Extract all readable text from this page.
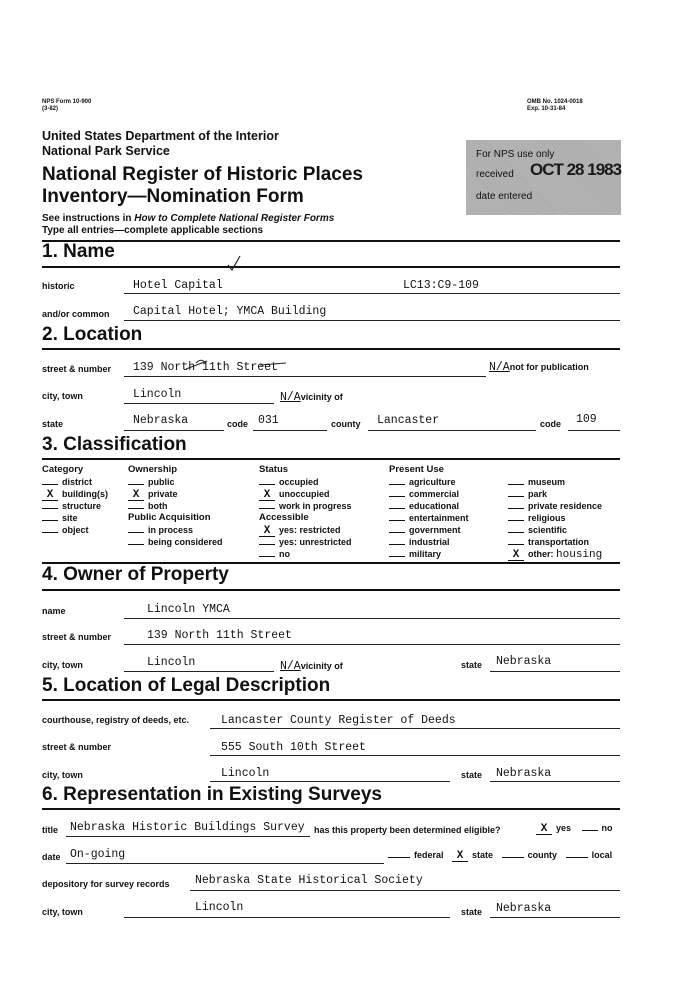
NPS Form 10-900
(3-82)
OMB No. 1024-0018
Exp. 10-31-84
United States Department of the Interior
National Park Service
National Register of Historic Places
Inventory—Nomination Form
See instructions in How to Complete National Register Forms
Type all entries—complete applicable sections
For NPS use only
received OCT 28 1983
date entered
1. Name
historic	Hotel Capital	LC13:C9-109
and/or common Capital Hotel; YMCA Building
2. Location
street & number 139 North 11th Street	N/Anot for publication
city, town	Lincoln	N/Avicinity of
state	Nebraska	code 031	county Lancaster	code 109
3. Classification
Category
district
X building(s)
structure
site
object
Ownership
public
X private
both
Public Acquisition
in process
being considered
Status
occupied
X unoccupied
work in progress
Accessible
X yes: restricted
yes: unrestricted
no
Present Use
agriculture
commercial
educational
entertainment
government
industrial
military
museum
park
private residence
religious
scientific
transportation
X other: housing
4. Owner of Property
name	Lincoln YMCA
street & number	139 North 11th Street
city, town	Lincoln	N/Avicinity of	state Nebraska
5. Location of Legal Description
courthouse, registry of deeds, etc.	Lancaster County Register of Deeds
street & number	555 South 10th Street
city, town	Lincoln	state Nebraska
6. Representation in Existing Surveys
title Nebraska Historic Buildings Survey has this property been determined eligible?	X yes	no
date On-going	federal X state	county	local
depository for survey records Nebraska State Historical Society
city, town	Lincoln	state Nebraska
